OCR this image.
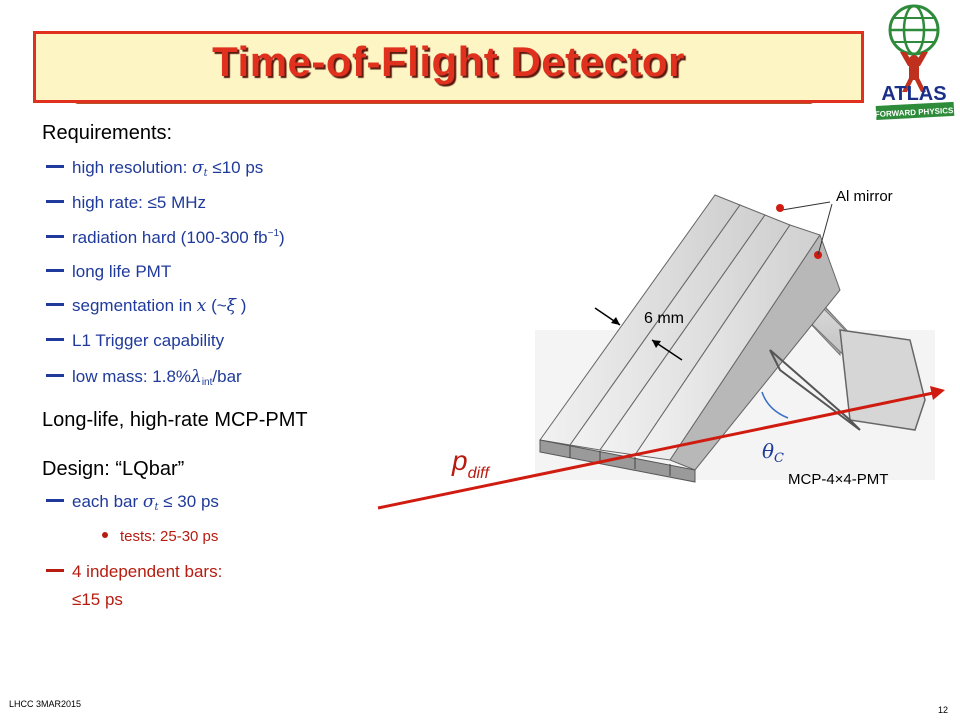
Time-of-Flight Detector
ATLAS
FORWARD PHYSICS
Requirements:
high resolution: $\sigma_t \le 10$ ps
high rate: ≤5 MHz
radiation hard (100-300 $fb^{-1}$)
long life PMT
segmentation in x (~ξ )
L1 Trigger capability
low mass: $1.8\%\lambda_{int}$/bar
Long-life, high-rate MCP-PMT
Design: “LQbar”
each bar $\sigma_t \le 30$ ps
tests: 25-30 ps
4 independent bars:
≤15 ps
Al mirror
6 mm
$\theta_C$
MCP-4×4-PMT
$p_{diff}$
LHCC 3MAR2015
12
